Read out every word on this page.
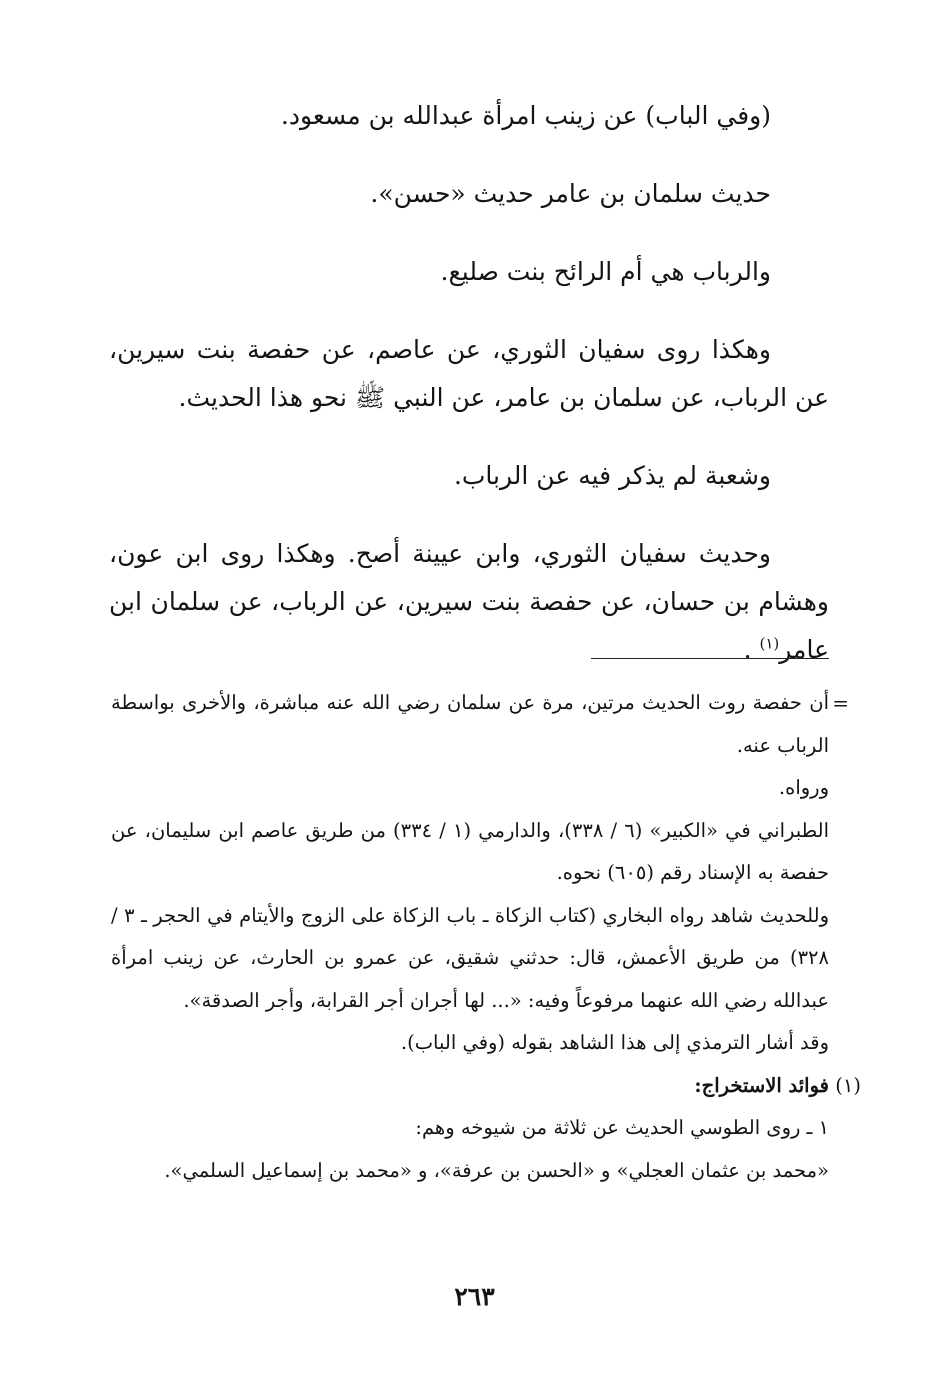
(وفي الباب) عن زينب امرأة عبدالله بن مسعود.

حديث سلمان بن عامر حديث «حسن».

والرباب هي أم الرائح بنت صليع.

وهكذا روى سفيان الثوري، عن عاصم، عن حفصة بنت سيرين، عن الرباب، عن سلمان بن عامر، عن النبي ﷺ نحو هذا الحديث.

وشعبة لم يذكر فيه عن الرباب.

وحديث سفيان الثوري، وابن عيينة أصح. وهكذا روى ابن عون، وهشام بن حسان، عن حفصة بنت سيرين، عن الرباب، عن سلمان ابن عامر$^{(١)}$ .

=

أن حفصة روت الحديث مرتين، مرة عن سلمان رضي الله عنه مباشرة، والأخرى بواسطة الرباب عنه.

ورواه.

الطبراني في «الكبير» (٦ / ٣٣٨)، والدارمي (١ / ٣٣٤) من طريق عاصم ابن سليمان، عن حفصة به الإسناد رقم (٦٠٥) نحوه.

وللحديث شاهد رواه البخاري (كتاب الزكاة ـ باب الزكاة على الزوج والأيتام في الحجر ـ ٣ / ٣٢٨) من طريق الأعمش، قال: حدثني شقيق، عن عمرو بن الحارث، عن زينب امرأة عبدالله رضي الله عنهما مرفوعاً وفيه: «... لها أجران أجر القرابة، وأجر الصدقة».

وقد أشار الترمذي إلى هذا الشاهد بقوله (وفي الباب).

(١)
فوائد الاستخراج:

١ ـ روى الطوسي الحديث عن ثلاثة من شيوخه وهم:

«محمد بن عثمان العجلي» و «الحسن بن عرفة»، و «محمد بن إسماعيل السلمي».

٢٦٣
